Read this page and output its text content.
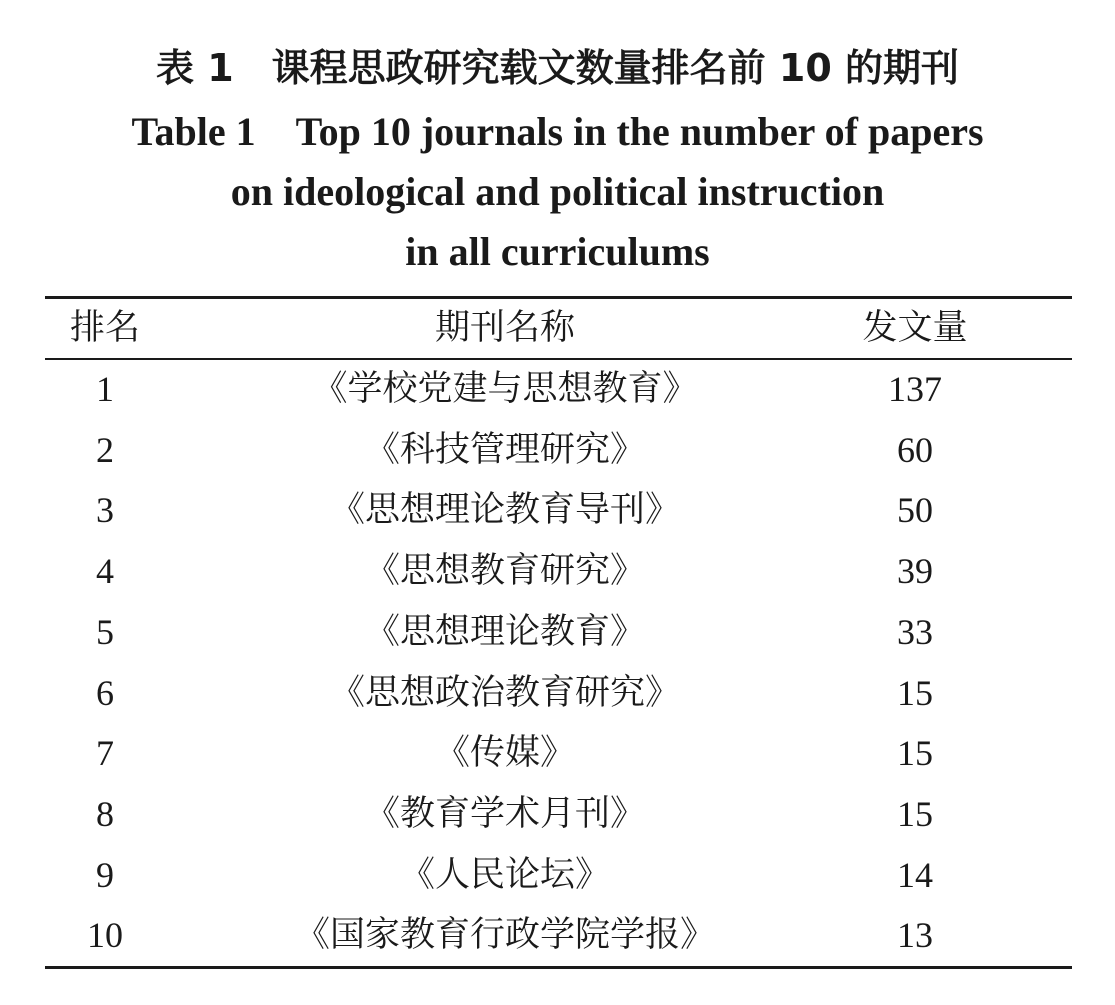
表 1　课程思政研究载文数量排名前 10 的期刊
Table 1　Top 10 journals in the number of papers
on ideological and political instruction
in all curriculums
排名	期刊名称	发文量
1	《学校党建与思想教育》	137
2	《科技管理研究》	60
3	《思想理论教育导刊》	50
4	《思想教育研究》	39
5	《思想理论教育》	33
6	《思想政治教育研究》	15
7	《传媒》	15
8	《教育学术月刊》	15
9	《人民论坛》	14
10	《国家教育行政学院学报》	13
